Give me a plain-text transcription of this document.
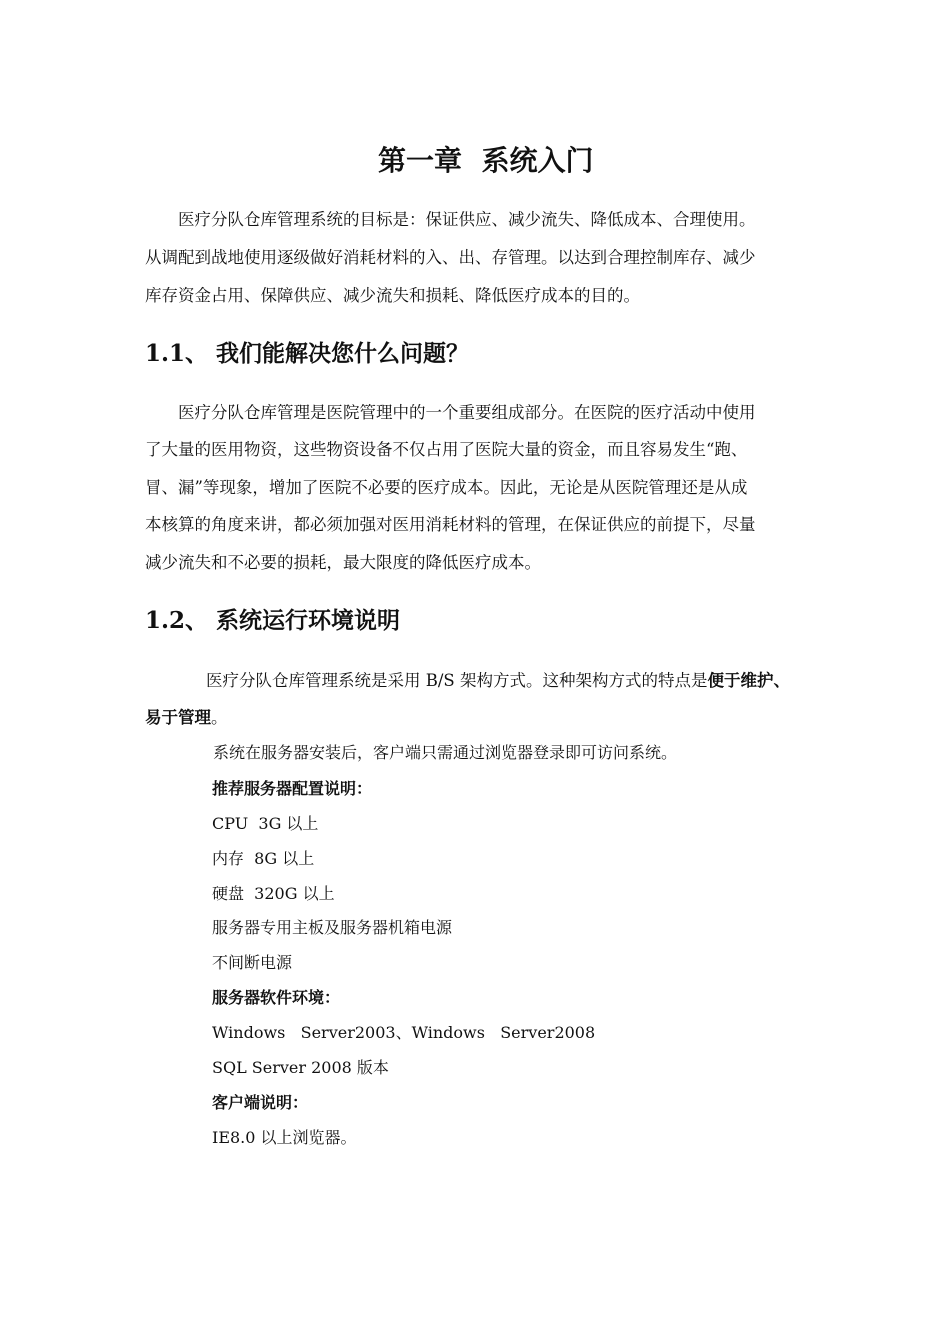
第一章  系统入门
医疗分队仓库管理系统的目标是：保证供应、减少流失、降低成本、合理使用。
从调配到战地使用逐级做好消耗材料的入、出、存管理。以达到合理控制库存、减少
库存资金占用、保障供应、减少流失和损耗、降低医疗成本的目的。
1.1、 我们能解决您什么问题？
医疗分队仓库管理是医院管理中的一个重要组成部分。在医院的医疗活动中使用
了大量的医用物资，这些物资设备不仅占用了医院大量的资金，而且容易发生“跑、
冒、漏”等现象，增加了医院不必要的医疗成本。因此，无论是从医院管理还是从成
本核算的角度来讲，都必须加强对医用消耗材料的管理，在保证供应的前提下，尽量
减少流失和不必要的损耗，最大限度的降低医疗成本。
1.2、 系统运行环境说明
医疗分队仓库管理系统是采用 B/S 架构方式。这种架构方式的特点是便于维护、
易于管理。
系统在服务器安装后，客户端只需通过浏览器登录即可访问系统。
推荐服务器配置说明：
CPU  3G 以上
内存  8G 以上
硬盘  320G 以上
服务器专用主板及服务器机箱电源
不间断电源
服务器软件环境：
Windows   Server2003、Windows   Server2008
SQL Server 2008 版本
客户端说明：
IE8.0 以上浏览器。
